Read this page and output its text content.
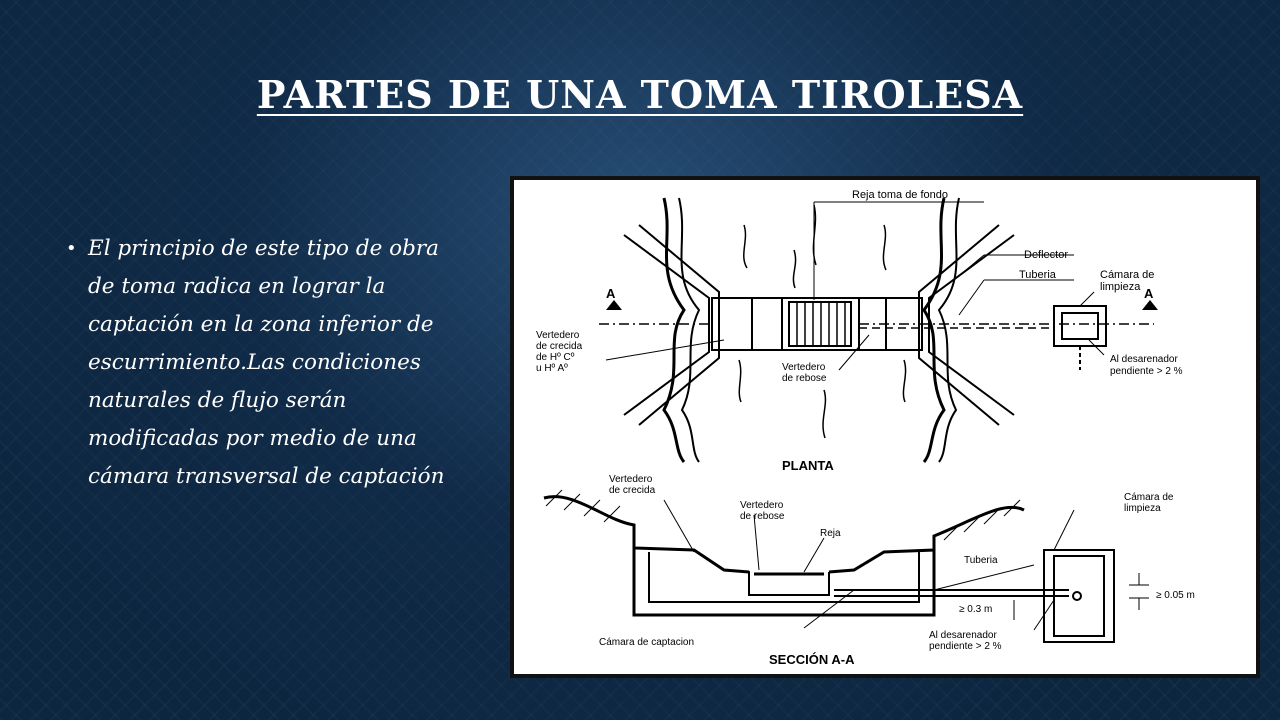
PARTES DE UNA TOMA TIROLESA
• El principio de este tipo de obra de toma radica en lograr la captación en la zona inferior de escurrimiento.Las condiciones naturales de flujo serán modificadas por medio de una cámara transversal de captación
Reja toma de fondo
Deflector
Tuberia	Cámara de
limpieza
A	A
Vertedero
de crecida
de Hº Cº
u Hº Aº	Vertedero
de rebose
Al desarenador
pendiente > 2 %
PLANTA
Vertedero
de crecida
Vertedero
de rebose
Reja
Tuberia
Cámara de
limpieza
≥ 0.3 m
≥ 0.05 m
Al desarenador
pendiente > 2 %
Cámara de captacion
SECCIÓN A-A
